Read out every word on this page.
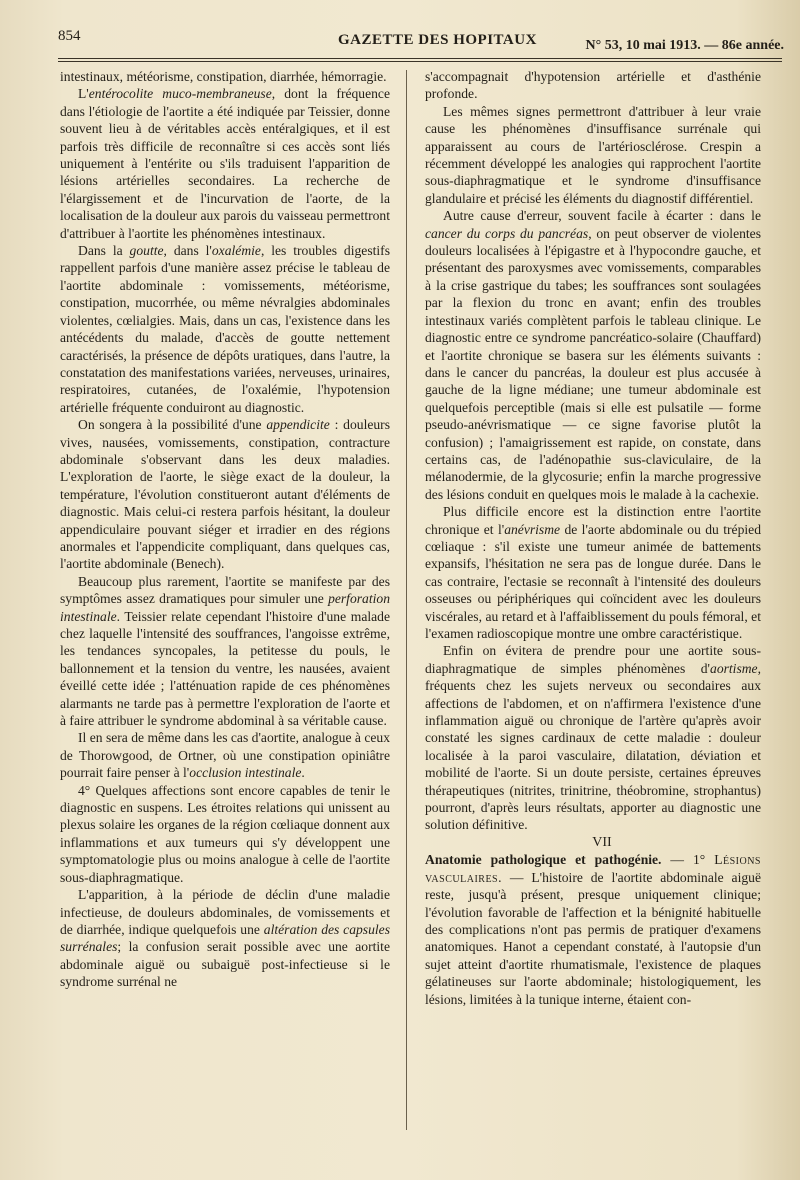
854	GAZETTE DES HOPITAUX	N° 53, 10 mai 1913. — 86e année.

intestinaux, météorisme, constipation, diarrhée, hémorragie.

L'entérocolite muco-membraneuse, dont la fréquence dans l'étiologie de l'aortite a été indiquée par Teissier, donne souvent lieu à de véritables accès entéralgiques, et il est parfois très difficile de reconnaître si ces accès sont liés uniquement à l'entérite ou s'ils traduisent l'apparition de lésions artérielles secondaires. La recherche de l'élargissement et de l'incurvation de l'aorte, de la localisation de la douleur aux parois du vaisseau permettront d'attribuer à l'aortite les phénomènes intestinaux.

Dans la goutte, dans l'oxalémie, les troubles digestifs rappellent parfois d'une manière assez précise le tableau de l'aortite abdominale : vomissements, météorisme, constipation, mucorrhée, ou même névralgies abdominales violentes, cœlialgies. Mais, dans un cas, l'existence dans les antécédents du malade, d'accès de goutte nettement caractérisés, la présence de dépôts uratiques, dans l'autre, la constatation des manifestations variées, nerveuses, urinaires, respiratoires, cutanées, de l'oxalémie, l'hypotension artérielle fréquente conduiront au diagnostic.

On songera à la possibilité d'une appendicite : douleurs vives, nausées, vomissements, constipation, contracture abdominale s'observant dans les deux maladies. L'exploration de l'aorte, le siège exact de la douleur, la température, l'évolution constitueront autant d'éléments de diagnostic. Mais celui-ci restera parfois hésitant, la douleur appendiculaire pouvant siéger et irradier en des régions anormales et l'appendicite compliquant, dans quelques cas, l'aortite abdominale (Benech).

Beaucoup plus rarement, l'aortite se manifeste par des symptômes assez dramatiques pour simuler une perforation intestinale. Teissier relate cependant l'histoire d'une malade chez laquelle l'intensité des souffrances, l'angoisse extrême, les tendances syncopales, la petitesse du pouls, le ballonnement et la tension du ventre, les nausées, avaient éveillé cette idée ; l'atténuation rapide de ces phénomènes alarmants ne tarde pas à permettre l'exploration de l'aorte et à faire attribuer le syndrome abdominal à sa véritable cause.

Il en sera de même dans les cas d'aortite, analogue à ceux de Thorowgood, de Ortner, où une constipation opiniâtre pourrait faire penser à l'occlusion intestinale.

4° Quelques affections sont encore capables de tenir le diagnostic en suspens. Les étroites relations qui unissent au plexus solaire les organes de la région cœliaque donnent aux inflammations et aux tumeurs qui s'y développent une symptomatologie plus ou moins analogue à celle de l'aortite sous-diaphragmatique.

L'apparition, à la période de déclin d'une maladie infectieuse, de douleurs abdominales, de vomissements et de diarrhée, indique quelquefois une altération des capsules surrénales; la confusion serait possible avec une aortite abdominale aiguë ou subaiguë post-infectieuse si le syndrome surrénal ne

s'accompagnait d'hypotension artérielle et d'asthénie profonde.

Les mêmes signes permettront d'attribuer à leur vraie cause les phénomènes d'insuffisance surrénale qui apparaissent au cours de l'artériosclérose. Crespin a récemment développé les analogies qui rapprochent l'aortite sous-diaphragmatique et le syndrome d'insuffisance glandulaire et précisé les éléments du diagnostif différentiel.

Autre cause d'erreur, souvent facile à écarter : dans le cancer du corps du pancréas, on peut observer de violentes douleurs localisées à l'épigastre et à l'hypocondre gauche, et présentant des paroxysmes avec vomissements, comparables à la crise gastrique du tabes; les souffrances sont soulagées par la flexion du tronc en avant; enfin des troubles intestinaux variés complètent parfois le tableau clinique. Le diagnostic entre ce syndrome pancréatico-solaire (Chauffard) et l'aortite chronique se basera sur les éléments suivants : dans le cancer du pancréas, la douleur est plus accusée à gauche de la ligne médiane; une tumeur abdominale est quelquefois perceptible (mais si elle est pulsatile — forme pseudo-anévrismatique — ce signe favorise plutôt la confusion) ; l'amaigrissement est rapide, on constate, dans certains cas, de l'adénopathie sus-claviculaire, de la mélanodermie, de la glycosurie; enfin la marche progressive des lésions conduit en quelques mois le malade à la cachexie.

Plus difficile encore est la distinction entre l'aortite chronique et l'anévrisme de l'aorte abdominale ou du trépied cœliaque : s'il existe une tumeur animée de battements expansifs, l'hésitation ne sera pas de longue durée. Dans le cas contraire, l'ectasie se reconnaît à l'intensité des douleurs osseuses ou périphériques qui coïncident avec les douleurs viscérales, au retard et à l'affaiblissement du pouls fémoral, et l'examen radioscopique montre une ombre caractéristique.

Enfin on évitera de prendre pour une aortite sous-diaphragmatique de simples phénomènes d'aortisme, fréquents chez les sujets nerveux ou secondaires aux affections de l'abdomen, et on n'affirmera l'existence d'une inflammation aiguë ou chronique de l'artère qu'après avoir constaté les signes cardinaux de cette maladie : douleur localisée à la paroi vasculaire, dilatation, déviation et mobilité de l'aorte. Si un doute persiste, certaines épreuves thérapeutiques (nitrites, trinitrine, théobromine, strophantus) pourront, d'après leurs résultats, apporter au diagnostic une solution définitive.

VII

Anatomie pathologique et pathogénie. — 1° Lésions vasculaires. — L'histoire de l'aortite abdominale aiguë reste, jusqu'à présent, presque uniquement clinique; l'évolution favorable de l'affection et la bénignité habituelle des complications n'ont pas permis de pratiquer d'examens anatomiques. Hanot a cependant constaté, à l'autopsie d'un sujet atteint d'aortite rhumatismale, l'existence de plaques gélatineuses sur l'aorte abdominale; histologiquement, les lésions, limitées à la tunique interne, étaient con-
